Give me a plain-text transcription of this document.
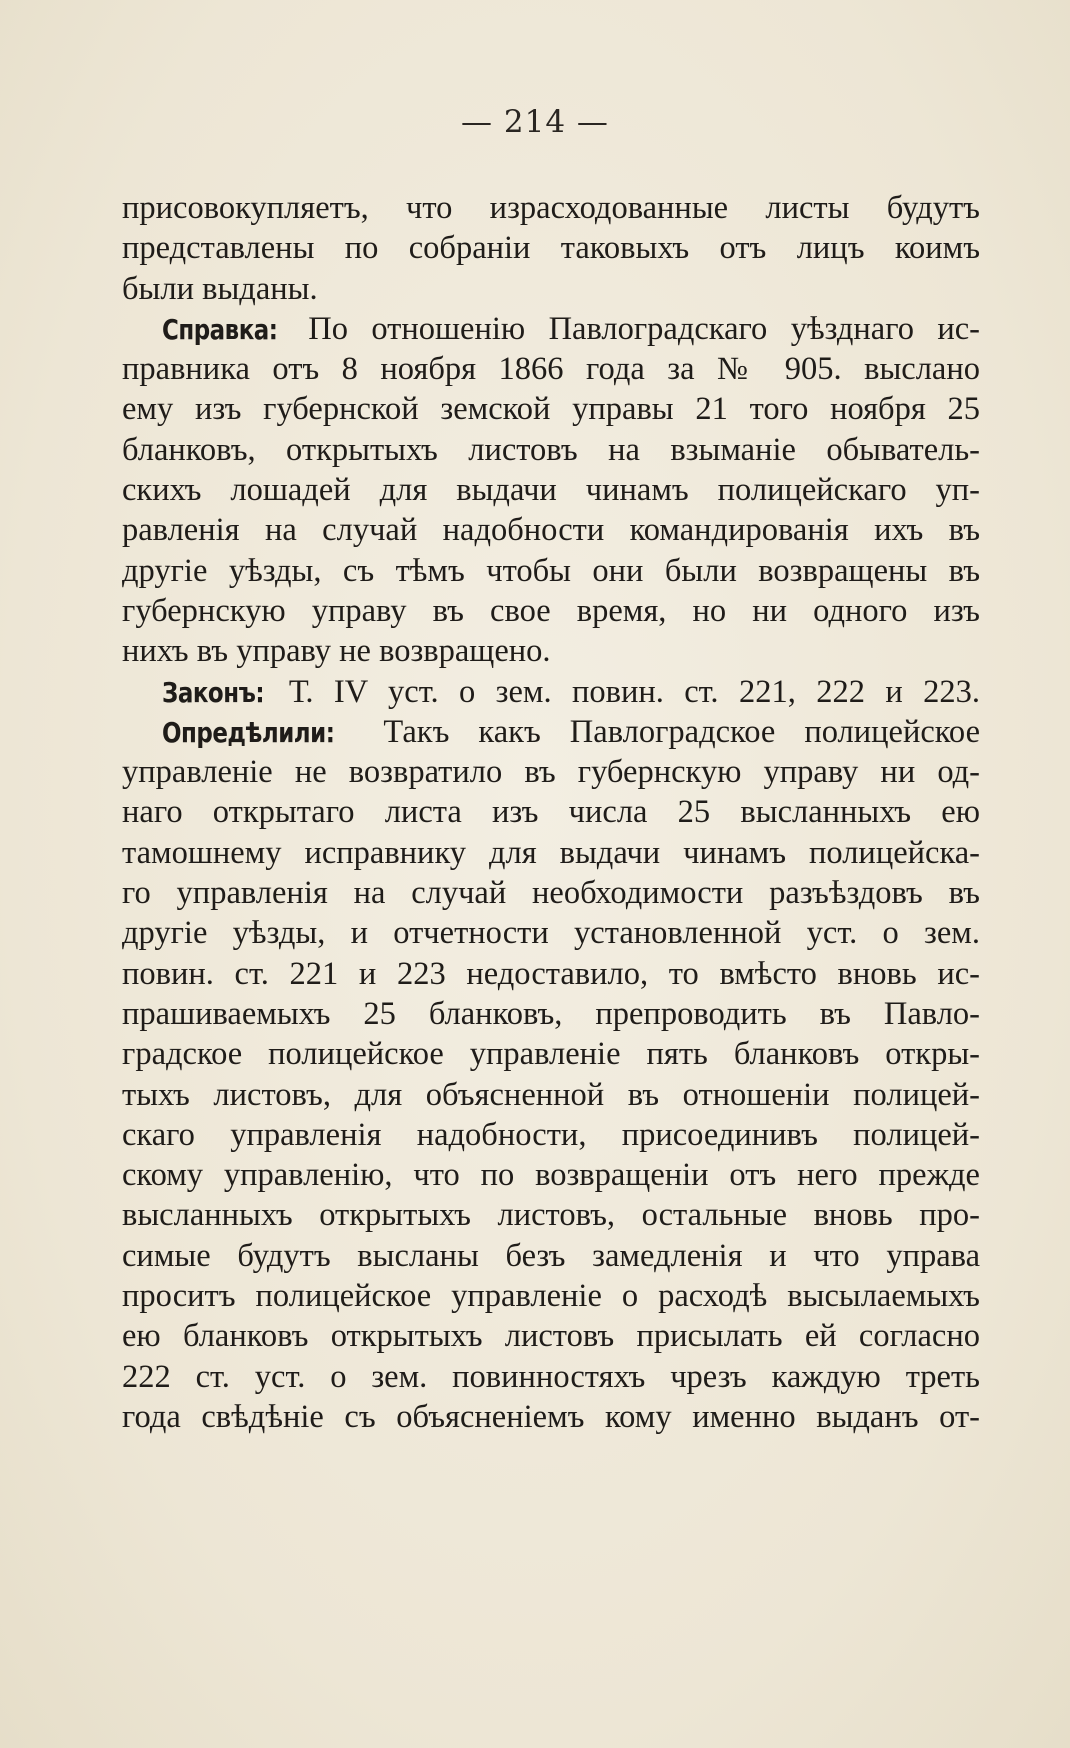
— 214 —
присовокупляетъ, что израсходованные листы будутъ
представлены по собраніи таковыхъ отъ лицъ коимъ
были выданы.
Справка: По отношенію Павлоградскаго уѣзднаго ис-
правника отъ 8 ноября 1866 года за № 905. выслано
ему изъ губернской земской управы 21 того ноября 25
бланковъ, открытыхъ листовъ на взыманіе обыватель-
скихъ лошадей для выдачи чинамъ полицейскаго уп-
равленія на случай надобности командированія ихъ въ
другіе уѣзды, съ тѣмъ чтобы они были возвращены въ
губернскую управу въ свое время, но ни одного изъ
нихъ въ управу не возвращено.
Законъ: Т. IV уст. о зем. повин. ст. 221, 222 и 223.
Опредѣлили: Такъ какъ Павлоградское полицейское
управленіе не возвратило въ губернскую управу ни од-
наго открытаго листа изъ числа 25 высланныхъ ею
тамошнему исправнику для выдачи чинамъ полицейска-
го управленія на случай необходимости разъѣздовъ въ
другіе уѣзды, и отчетности установленной уст. о зем.
повин. ст. 221 и 223 недоставило, то вмѣсто вновь ис-
прашиваемыхъ 25 бланковъ, препроводить въ Павло-
градское полицейское управленіе пять бланковъ откры-
тыхъ листовъ, для объясненной въ отношеніи полицей-
скаго управленія надобности, присоединивъ полицей-
скому управленію, что по возвращеніи отъ него прежде
высланныхъ открытыхъ листовъ, остальные вновь про-
симые будутъ высланы безъ замедленія и что управа
проситъ полицейское управленіе о расходѣ высылаемыхъ
ею бланковъ открытыхъ листовъ присылать ей согласно
222 ст. уст. о зем. повинностяхъ чрезъ каждую треть
года свѣдѣніе съ объясненіемъ кому именно выданъ от-
